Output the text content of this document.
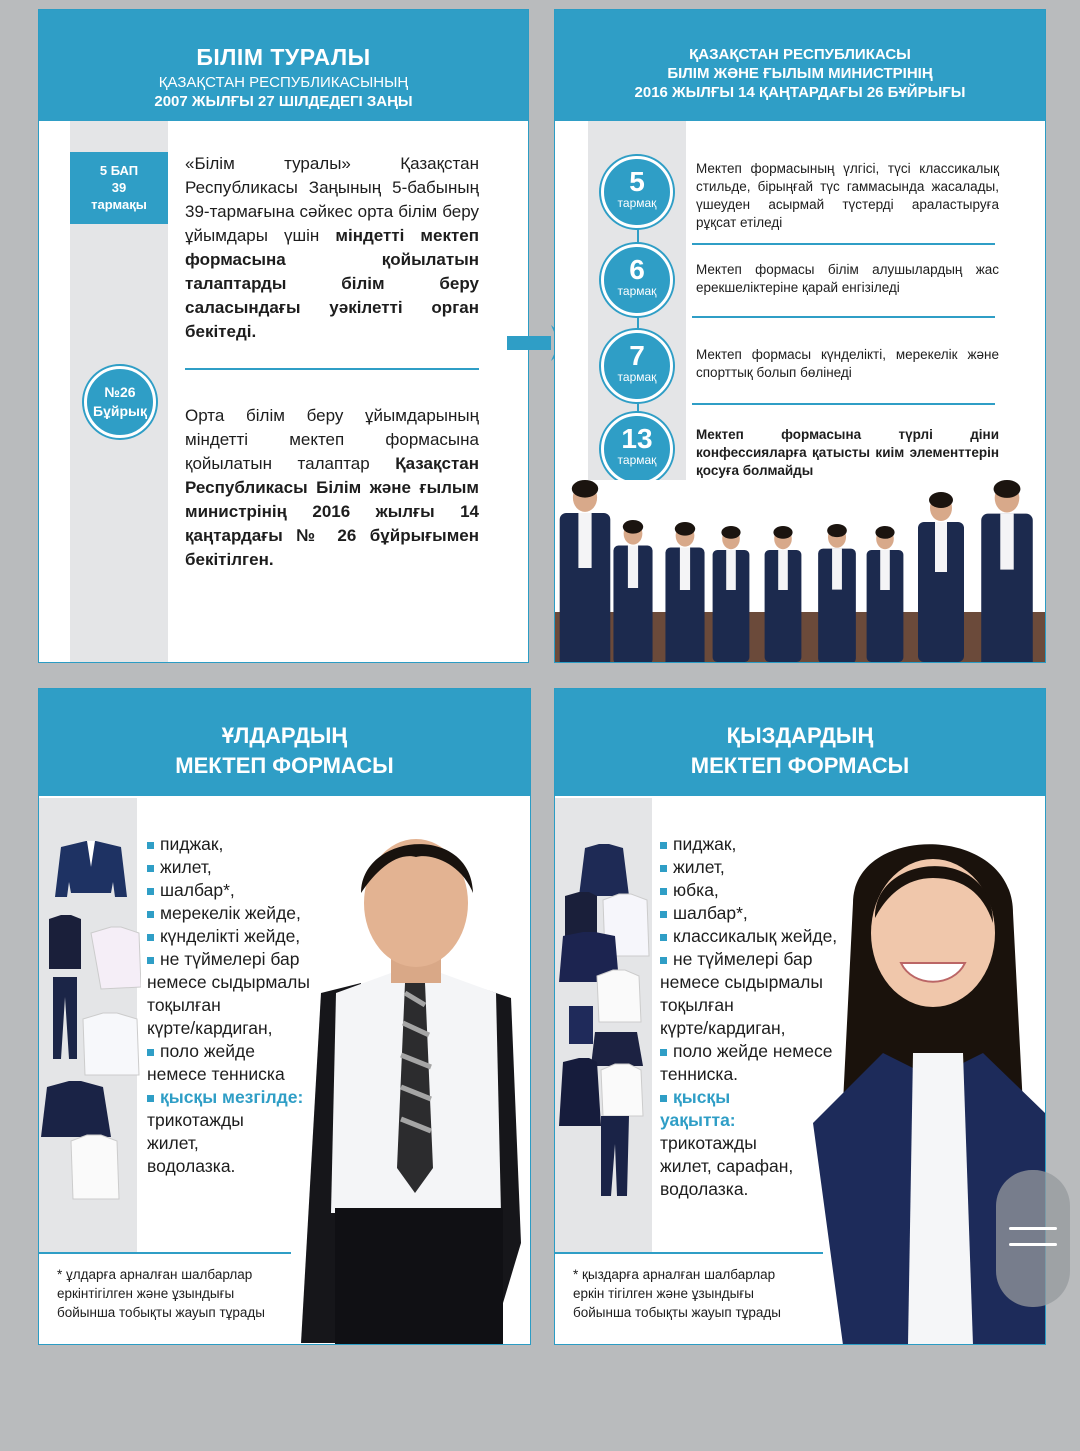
БІЛІМ ТУРАЛЫ
ҚАЗАҚСТАН РЕСПУБЛИКАСЫНЫҢ
2007 ЖЫЛҒЫ 27 ШІЛДЕДЕГІ ЗАҢЫ
5 БАП
39
тармақы
№26
Бұйрық
«Білім туралы» Қазақстан Республикасы Заңының 5-бабының 39-тармағына сәйкес орта білім беру ұйымдары үшін міндетті мектеп формасына қойылатын талаптарды білім беру саласындағы уәкілетті орган бекітеді.
Орта білім беру ұйымдарының міндетті мектеп формасына қойылатын талаптар Қазақстан Республикасы Білім және ғылым министрінің 2016 жылғы 14 қаңтардағы № 26 бұйрығымен бекітілген.
ҚАЗАҚСТАН РЕСПУБЛИКАСЫ
БІЛІМ ЖӘНЕ ҒЫЛЫМ МИНИСТРІНІҢ
2016 ЖЫЛҒЫ 14 ҚАҢТАРДАҒЫ 26 БҰЙРЫҒЫ
5
тармақ
Мектеп формасының үлгісі, түсі классикалық стильде, бірыңғай түс гаммасында жасалады, үшеуден асырмай түстерді араластыруға рұқсат етіледі
6
тармақ
Мектеп формасы білім алушылардың жас ерекшеліктеріне қарай енгізіледі
7
тармақ
Мектеп формасы күнделікті, мерекелік және спорттық болып бөлінеді
13
тармақ
Мектеп формасына түрлі діни конфессияларға қатысты киім элементтерін қосуға болмайды
ҰЛДАРДЫҢ
МЕКТЕП ФОРМАСЫ
пиджак,
жилет,
шалбар*,
мерекелік жейде,
күнделікті жейде,
не түймелері бар
немесе сыдырмалы
тоқылған
күрте/кардиган,
поло жейде
немесе тенниска
қысқы мезгілде:
трикотажды
жилет,
водолазка.
* ұлдарға арналған шалбарлар
еркінтігілген және ұзындығы
бойынша тобықты жауып тұрады
ҚЫЗДАРДЫҢ
МЕКТЕП ФОРМАСЫ
пиджак,
жилет,
юбка,
шалбар*,
классикалық жейде,
не түймелері бар
немесе сыдырмалы
тоқылған
күрте/кардиган,
поло жейде немесе
тенниска.
қысқы
уақытта:
трикотажды
жилет, сарафан,
водолазка.
* қыздарға арналған шалбарлар
еркін тігілген және ұзындығы
бойынша тобықты жауып тұрады
